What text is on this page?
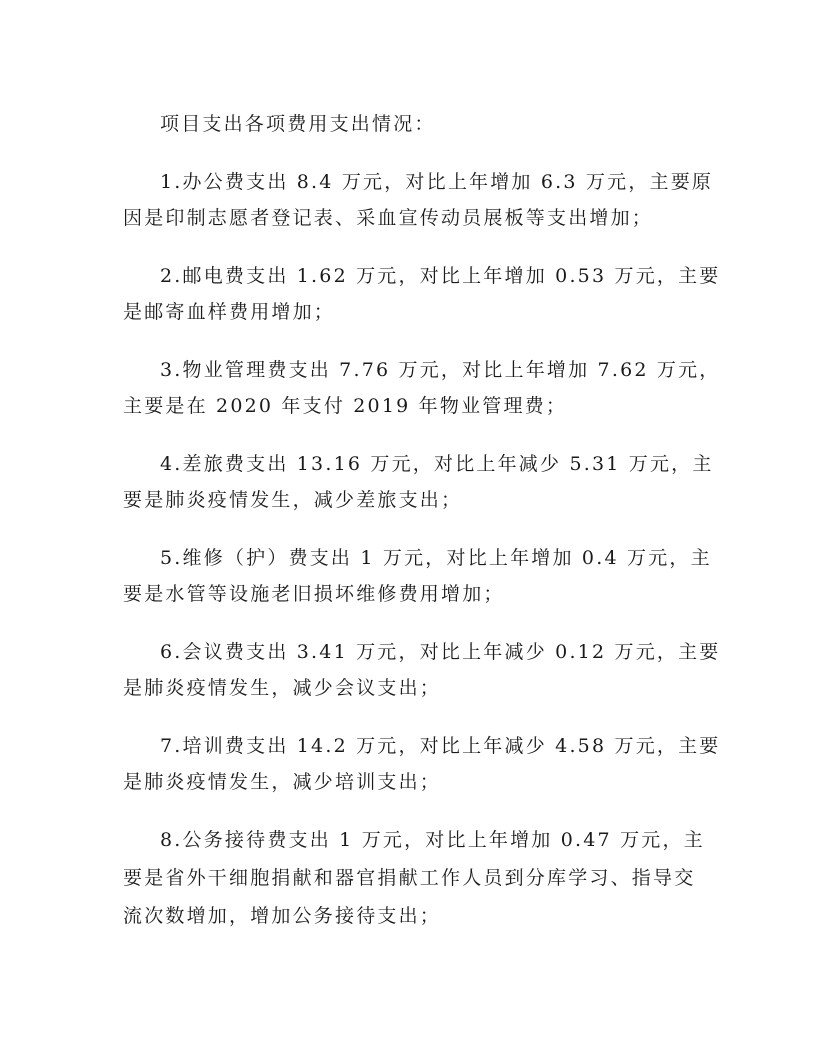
项目支出各项费用支出情况：
1.办公费支出 8.4 万元，对比上年增加 6.3 万元，主要原
因是印制志愿者登记表、采血宣传动员展板等支出增加；
2.邮电费支出 1.62 万元，对比上年增加 0.53 万元，主要
是邮寄血样费用增加；
3.物业管理费支出 7.76 万元，对比上年增加 7.62 万元，
主要是在 2020 年支付 2019 年物业管理费；
4.差旅费支出 13.16 万元，对比上年减少 5.31 万元，主
要是肺炎疫情发生，减少差旅支出；
5.维修（护）费支出 1 万元，对比上年增加 0.4 万元，主
要是水管等设施老旧损坏维修费用增加；
6.会议费支出 3.41 万元，对比上年减少 0.12 万元，主要
是肺炎疫情发生，减少会议支出；
7.培训费支出 14.2 万元，对比上年减少 4.58 万元，主要
是肺炎疫情发生，减少培训支出；
8.公务接待费支出 1 万元，对比上年增加 0.47 万元，主
要是省外干细胞捐献和器官捐献工作人员到分库学习、指导交
流次数增加，增加公务接待支出；
